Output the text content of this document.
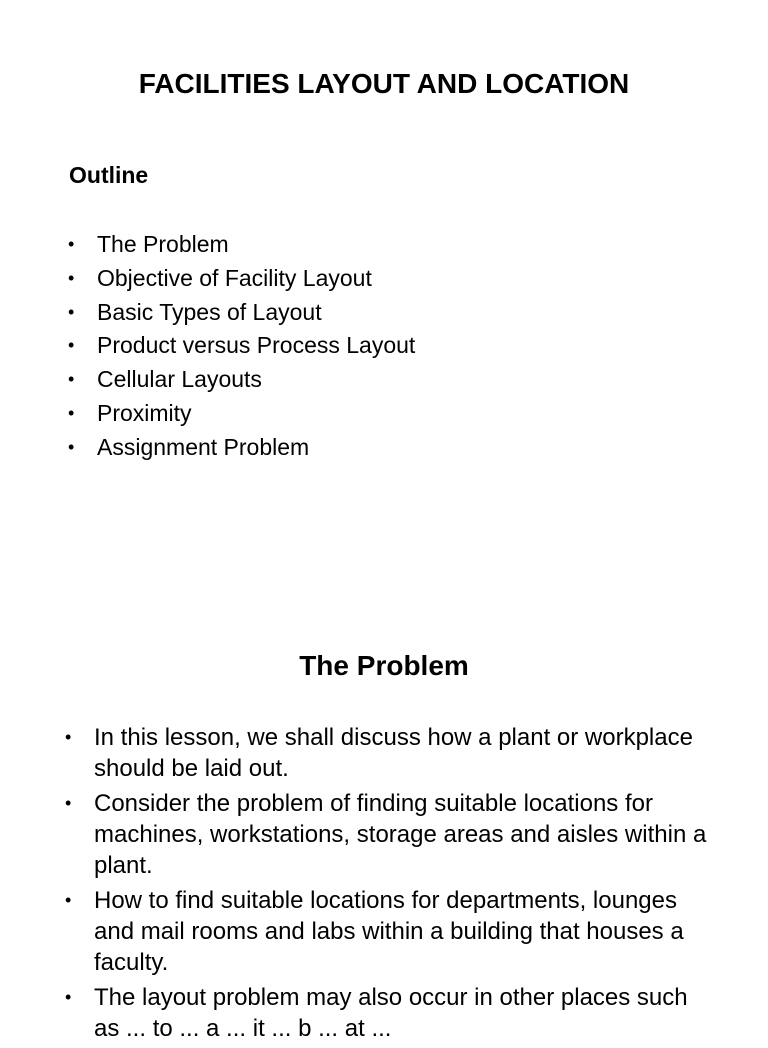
FACILITIES LAYOUT AND LOCATION
Outline
• The Problem
• Objective of Facility Layout
• Basic Types of Layout
• Product versus Process Layout
• Cellular Layouts
• Proximity
• Assignment Problem
The Problem
• In this lesson, we shall discuss how a plant or workplace should be laid out.
• Consider the problem of finding suitable locations for machines, workstations, storage areas and aisles within a plant.
• How to find suitable locations for departments, lounges and mail rooms and labs within a building that houses a faculty.
• The layout problem may also occur in other places such as ... to ... a ... it ... b ... at ...
